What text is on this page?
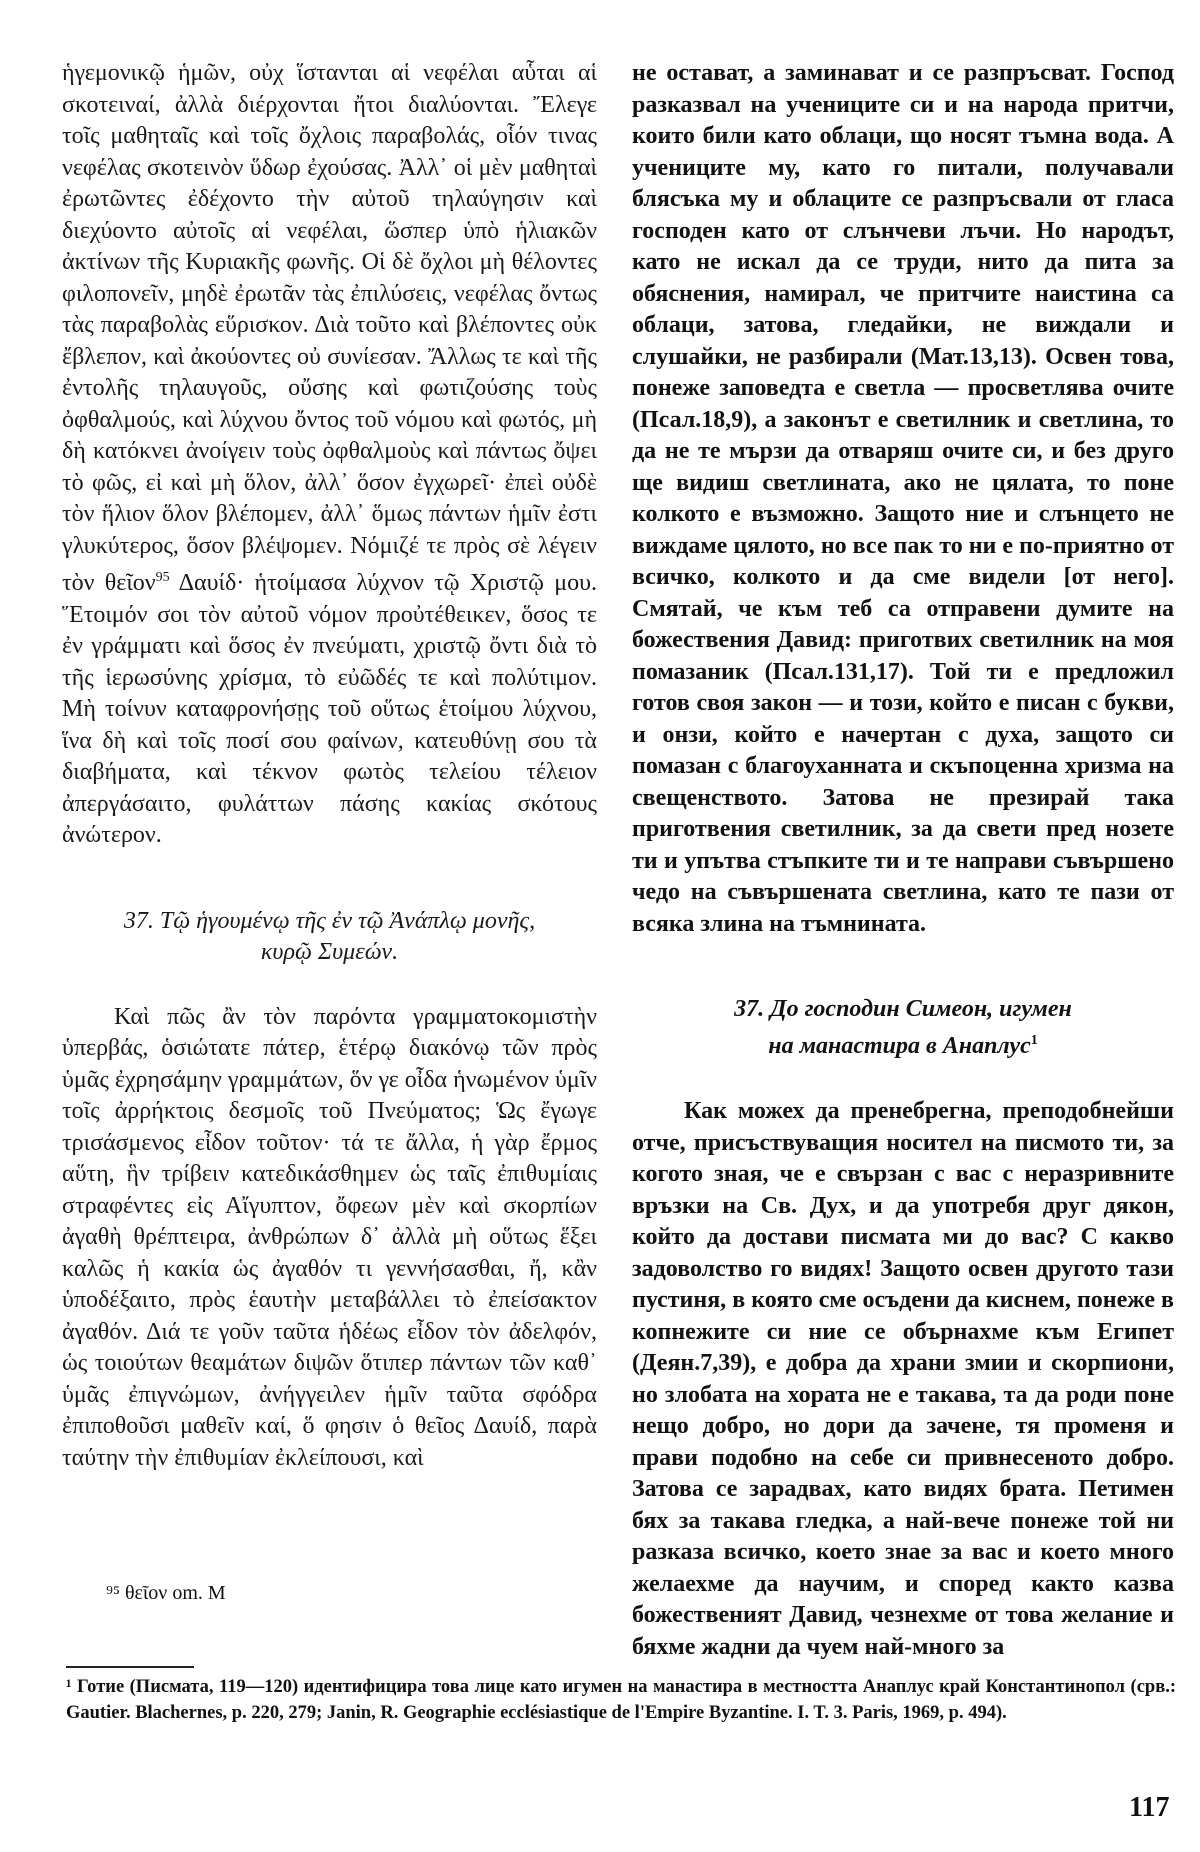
ἡγεμονικῷ ἡμῶν, οὐχ ἵστανται αἱ νεφέλαι αὗται αἱ σκοτειναί, ἀλλὰ διέρχονται ἤτοι διαλύονται. Ἔλεγε τοῖς μαθηταῖς καὶ τοῖς ὄχλοις παραβολάς, οἷόν τινας νεφέλας σκοτεινὸν ὕδωρ ἐχούσας. Ἀλλ᾽ οἱ μὲν μαθηταὶ ἐρωτῶντες ἐδέχοντο τὴν αὐτοῦ τηλαύγησιν καὶ διεχύοντο αὐτοῖς αἱ νεφέλαι, ὥσπερ ὑπὸ ἡλιακῶν ἀκτίνων τῆς Κυριακῆς φωνῆς. Οἱ δὲ ὄχλοι μὴ θέλοντες φιλοπονεῖν, μηδὲ ἐρωτᾶν τὰς ἐπιλύσεις, νεφέλας ὄντως τὰς παραβολὰς εὕρισκον. Διὰ τοῦτο καὶ βλέποντες οὐκ ἔβλεπον, καὶ ἀκούοντες οὐ συνίεσαν. Ἄλλως τε καὶ τῆς ἐντολῆς τηλαυγοῦς, οὔσης καὶ φωτιζούσης τοὺς ὀφθαλμούς, καὶ λύχνου ὄντος τοῦ νόμου καὶ φωτός, μὴ δὴ κατόκνει ἀνοίγειν τοὺς ὀφθαλμοὺς καὶ πάντως ὄψει τὸ φῶς, εἰ καὶ μὴ ὅλον, ἀλλ᾽ ὅσον ἐγχωρεῖ· ἐπεὶ οὐδὲ τὸν ἥλιον ὅλον βλέπομεν, ἀλλ᾽ ὅμως πάντων ἡμῖν ἐστι γλυκύτερος, ὅσον βλέψομεν. Νόμιζέ τε πρὸς σὲ λέγειν τὸν θεῖον$^{95}$ Δαυίδ· ἡτοίμασα λύχνον τῷ Χριστῷ μου. Ἕτοιμόν σοι τὸν αὐτοῦ νόμον προὐτέθεικεν, ὅσος τε ἐν γράμματι καὶ ὅσος ἐν πνεύματι, χριστῷ ὄντι διὰ τὸ τῆς ἱερωσύνης χρίσμα, τὸ εὐῶδές τε καὶ πολύτιμον. Μὴ τοίνυν καταφρονήσῃς τοῦ οὕτως ἑτοίμου λύχνου, ἵνα δὴ καὶ τοῖς ποσί σου φαίνων, κατευθύνῃ σου τὰ διαβήματα, καὶ τέκνον φωτὸς τελείου τέλειον ἀπεργάσαιτο, φυλάττων πάσης κακίας σκότους ἀνώτερον.

37. Τῷ ἡγουμένῳ τῆς ἐν τῷ Ἀνάπλῳ μονῆς,
κυρῷ Συμεών.

Καὶ πῶς ἂν τὸν παρόντα γραμματοκομιστὴν ὑπερβάς, ὁσιώτατε πάτερ, ἑτέρῳ διακόνῳ τῶν πρὸς ὑμᾶς ἐχρησάμην γραμμάτων, ὅν γε οἶδα ἡνωμένον ὑμῖν τοῖς ἀρρήκτοις δεσμοῖς τοῦ Πνεύματος; Ὡς ἔγωγε τρισάσμενος εἶδον τοῦτον· τά τε ἄλλα, ἡ γὰρ ἔρμος αὕτη, ἣν τρίβειν κατεδικάσθημεν ὡς ταῖς ἐπιθυμίαις στραφέντες εἰς Αἴγυπτον, ὄφεων μὲν καὶ σκορπίων ἀγαθὴ θρέπτειρα, ἀνθρώπων δ᾽ ἀλλὰ μὴ οὕτως ἕξει καλῶς ἡ κακία ὡς ἀγαθόν τι γεννήσασθαι, ἤ, κἂν ὑποδέξαιτο, πρὸς ἑαυτὴν μεταβάλλει τὸ ἐπείσακτον ἀγαθόν. Διά τε γοῦν ταῦτα ἡδέως εἶδον τὸν ἀδελφόν, ὡς τοιούτων θεαμάτων διψῶν ὅτιπερ πάντων τῶν καθ᾽ ὑμᾶς ἐπιγνώμων, ἀνήγγειλεν ἡμῖν ταῦτα σφόδρα ἐπιποθοῦσι μαθεῖν καί, ὅ φησιν ὁ θεῖος Δαυίδ, παρὰ ταύτην τὴν ἐπιθυμίαν ἐκλείπουσι, καὶ

не остават, а заминават и се разпръсват. Господ разказвал на учениците си и на народа притчи, които били като облаци, що носят тъмна вода. А учениците му, като го питали, получавали блясъка му и облаците се разпръсвали от гласа господен като от слънчеви лъчи. Но народът, като не искал да се труди, нито да пита за обяснения, намирал, че притчите наистина са облаци, затова, гледайки, не виждали и слушайки, не разбирали (Мат.13,13). Освен това, понеже заповедта е светла — просветлява очите (Псал.18,9), а законът е светилник и светлина, то да не те мързи да отваряш очите си, и без друго ще видиш светлината, ако не цялата, то поне колкото е възможно. Защото ние и слънцето не виждаме цялото, но все пак то ни е по-приятно от всичко, колкото и да сме видели [от него]. Смятай, че към теб са отправени думите на божествения Давид: приготвих светилник на моя помазаник (Псал.131,17). Той ти е предложил готов своя закон — и този, който е писан с букви, и онзи, който е начертан с духа, защото си помазан с благоуханната и скъпоценна хризма на свещенството. Затова не презирай така приготвения светилник, за да свети пред нозете ти и упътва стъпките ти и те направи съвършено чедо на съвършената светлина, като те пази от всяка злина на тъмнината.

37. До господин Симеон, игумен
на манастира в Анаплус$^1$

Как можех да пренебрегна, преподобнейши отче, присъствуващия носител на писмото ти, за когото зная, че е свързан с вас с неразривните връзки на Св. Дух, и да употребя друг дякон, който да достави писмата ми до вас? С какво задоволство го видях! Защото освен другото тази пустиня, в която сме осъдени да киснем, понеже в копнежите си ние се обърнахме към Египет (Деян.7,39), е добра да храни змии и скорпиони, но злобата на хората не е такава, та да роди поне нещо добро, но дори да зачене, тя променя и прави подобно на себе си привнесеното добро. Затова се зарадвах, като видях брата. Петимен бях за такава гледка, а най-вече понеже той ни разказа всичко, което знае за вас и което много желаехме да научим, и според както казва божественият Давид, чезнехме от това желание и бяхме жадни да чуем най-много за

⁹⁵ θεῖον om. M
¹ Готие (Писмата, 119—120) идентифицира това лице като игумен на манастира в местността Анаплус край Константинопол (срв.: Gautier. Blachernes, p. 220, 279; Janin, R. Geographie ecclésiastique de l'Empire Byzantine. I. T. 3. Paris, 1969, p. 494).
117
